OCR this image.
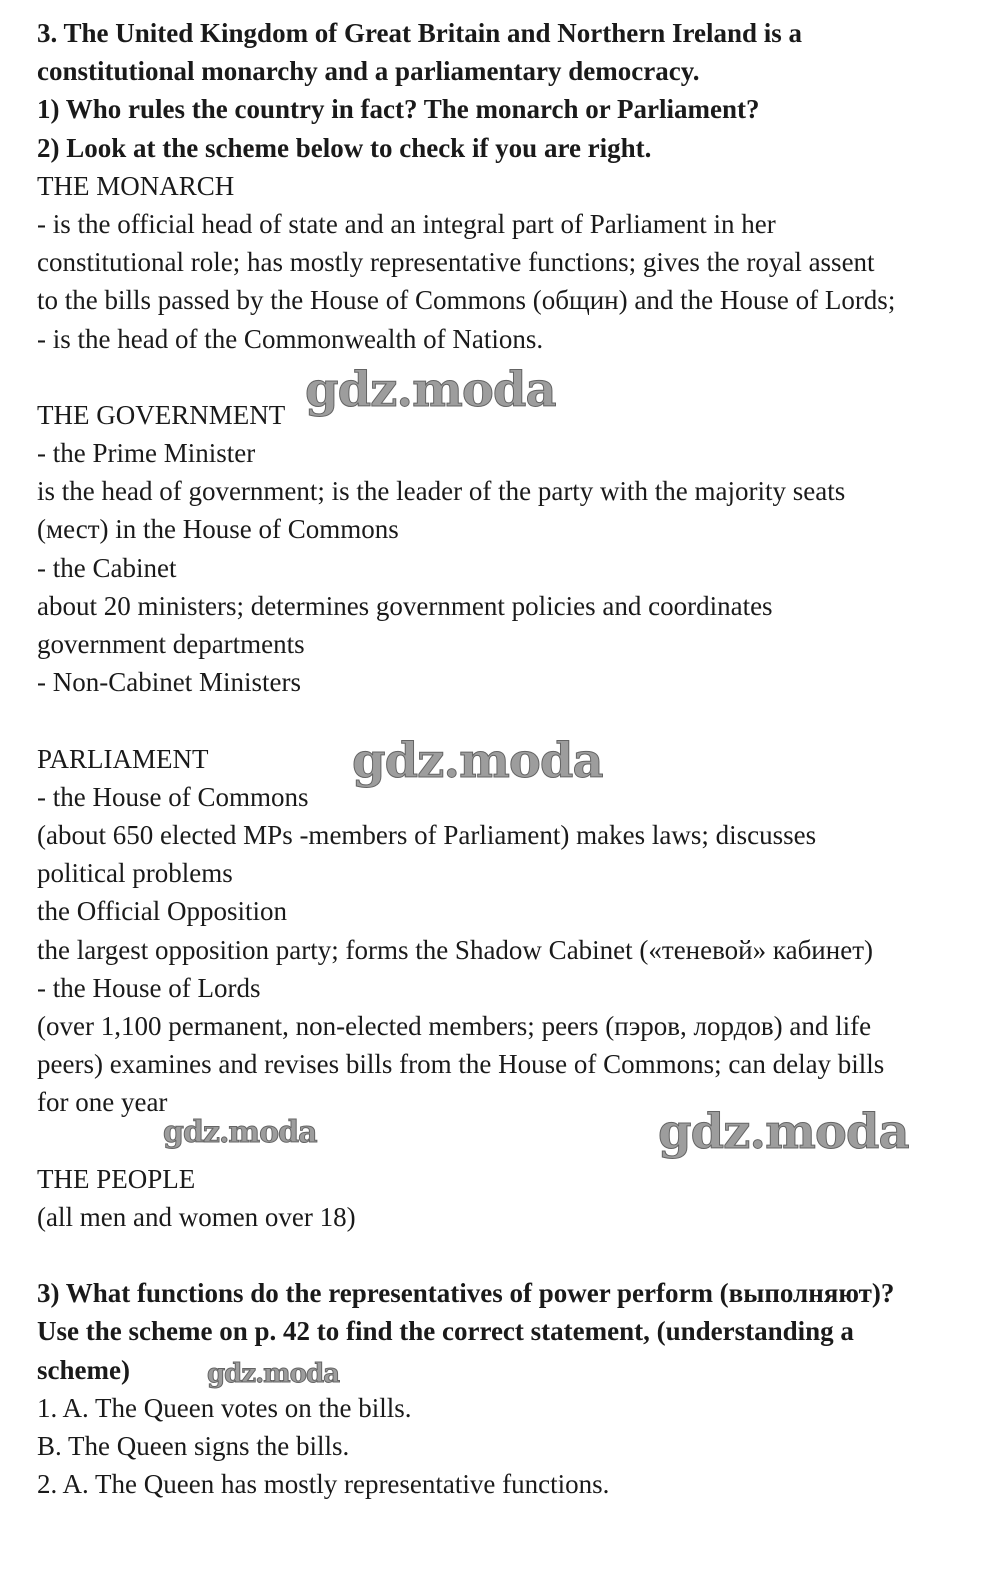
3. The United Kingdom of Great Britain and Northern Ireland is a
constitutional monarchy and a parliamentary democracy.
1) Who rules the country in fact? The monarch or Parliament?
2) Look at the scheme below to check if you are right.
THE MONARCH
- is the official head of state and an integral part of Parliament in her
constitutional role; has mostly representative functions; gives the royal assent
to the bills passed by the House of Commons (общин) and the House of Lords;
- is the head of the Commonwealth of Nations.
THE GOVERNMENT
- the Prime Minister
is the head of government; is the leader of the party with the majority seats
(мест) in the House of Commons
- the Cabinet
about 20 ministers; determines government policies and coordinates
government departments
- Non-Cabinet Ministers
PARLIAMENT
- the House of Commons
(about 650 elected MPs -members of Parliament) makes laws; discusses
political problems
the Official Opposition
the largest opposition party; forms the Shadow Cabinet («теневой» кабинет)
- the House of Lords
(over 1,100 permanent, non-elected members; peers (пэров, лордов) and life
peers) examines and revises bills from the House of Commons; can delay bills
for one year
THE PEOPLE
(all men and women over 18)
3) What functions do the representatives of power perform (выполняют)?
Use the scheme on p. 42 to find the correct statement, (understanding a
scheme)
1. A. The Queen votes on the bills.
B. The Queen signs the bills.
2. A. The Queen has mostly representative functions.
gdz.moda
gdz.moda
gdz.moda	gdz.moda
gdz.moda
